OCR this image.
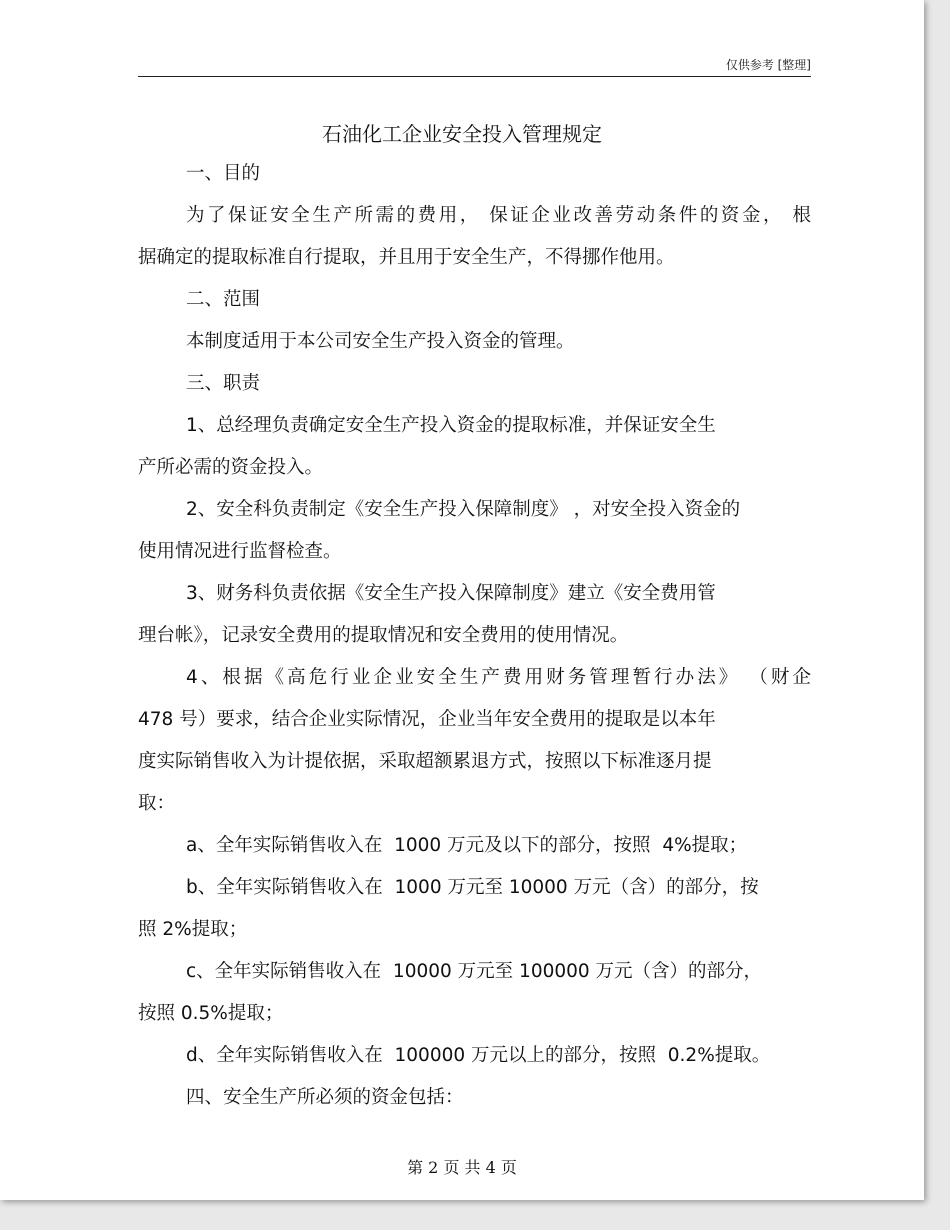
仅供参考 [整理]
石油化工企业安全投入管理规定
一、目的
为了保证安全生产所需的费用， 保证企业改善劳动条件的资金， 根
据确定的提取标准自行提取，并且用于安全生产，不得挪作他用。
二、范围
本制度适用于本公司安全生产投入资金的管理。
三、职责
1、总经理负责确定安全生产投入资金的提取标准，并保证安全生
产所必需的资金投入。
2、安全科负责制定《安全生产投入保障制度》 ，对安全投入资金的
使用情况进行监督检查。
3、财务科负责依据《安全生产投入保障制度》建立《安全费用管
理台帐》，记录安全费用的提取情况和安全费用的使用情况。
4、根据《高危行业企业安全生产费用财务管理暂行办法》 （财企
478 号）要求，结合企业实际情况，企业当年安全费用的提取是以本年
度实际销售收入为计提依据，采取超额累退方式，按照以下标准逐月提
取：
a、全年实际销售收入在  1000 万元及以下的部分，按照  4%提取；
b、全年实际销售收入在  1000 万元至 10000 万元（含）的部分，按
照 2%提取；
c、全年实际销售收入在  10000 万元至 100000 万元（含）的部分，
按照 0.5%提取；
d、全年实际销售收入在  100000 万元以上的部分，按照  0.2%提取。
四、安全生产所必须的资金包括：
第 2 页 共 4 页
